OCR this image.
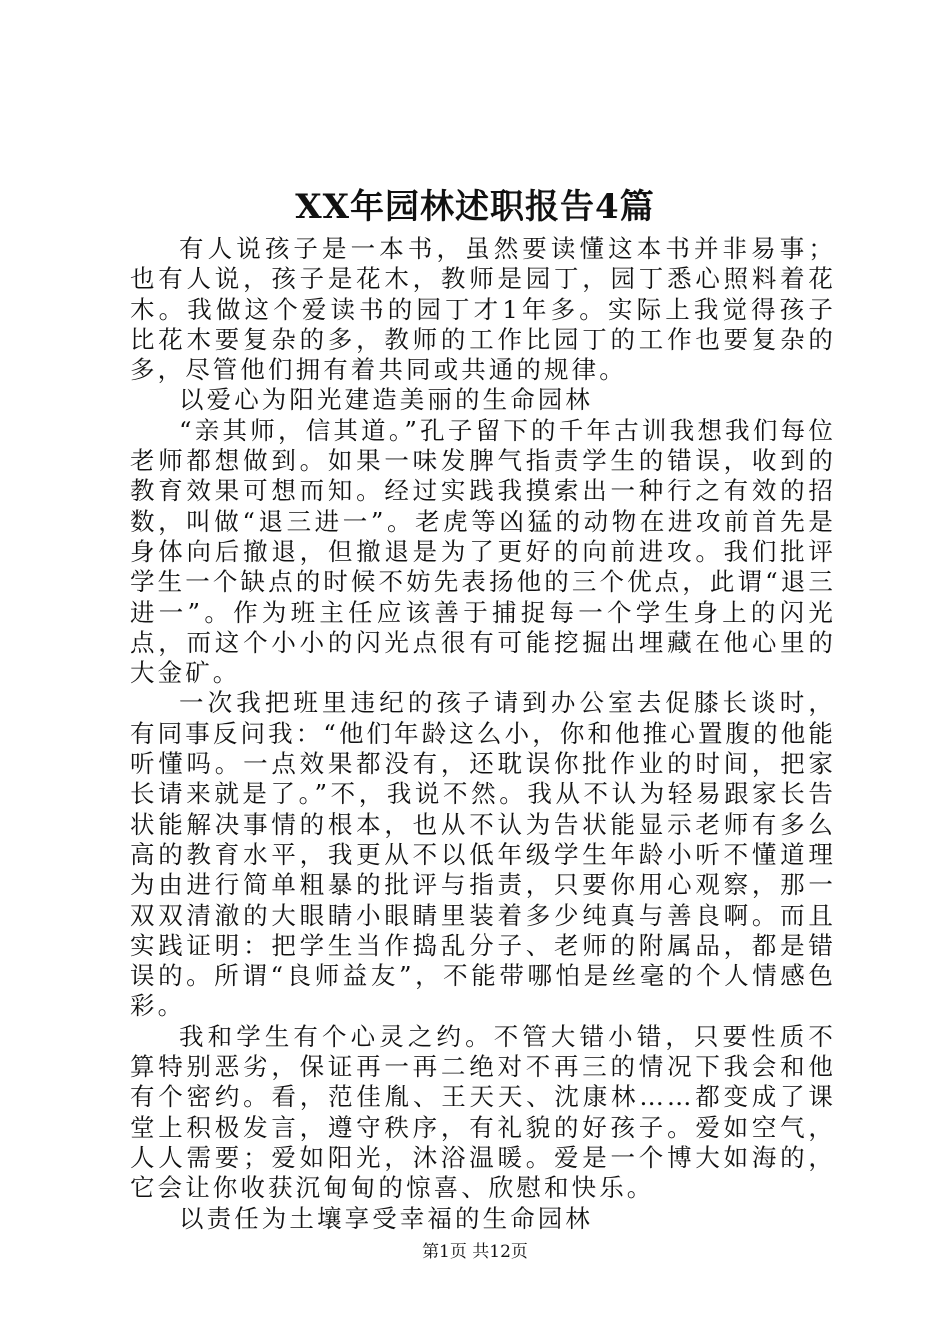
XX年园林述职报告4篇

有人说孩子是一本书，虽然要读懂这本书并非易事；也有人说，孩子是花木，教师是园丁，园丁悉心照料着花木。我做这个爱读书的园丁才1年多。实际上我觉得孩子比花木要复杂的多，教师的工作比园丁的工作也要复杂的多，尽管他们拥有着共同或共通的规律。

以爱心为阳光建造美丽的生命园林

“亲其师，信其道。”孔子留下的千年古训我想我们每位老师都想做到。如果一味发脾气指责学生的错误，收到的教育效果可想而知。经过实践我摸索出一种行之有效的招数，叫做“退三进一”。老虎等凶猛的动物在进攻前首先是身体向后撤退，但撤退是为了更好的向前进攻。我们批评学生一个缺点的时候不妨先表扬他的三个优点，此谓“退三进一”。作为班主任应该善于捕捉每一个学生身上的闪光点，而这个小小的闪光点很有可能挖掘出埋藏在他心里的大金矿。

一次我把班里违纪的孩子请到办公室去促膝长谈时，有同事反问我：“他们年龄这么小，你和他推心置腹的他能听懂吗。一点效果都没有，还耽误你批作业的时间，把家长请来就是了。”不，我说不然。我从不认为轻易跟家长告状能解决事情的根本，也从不认为告状能显示老师有多么高的教育水平，我更从不以低年级学生年龄小听不懂道理为由进行简单粗暴的批评与指责，只要你用心观察，那一双双清澈的大眼睛小眼睛里装着多少纯真与善良啊。而且实践证明：把学生当作捣乱分子、老师的附属品，都是错误的。所谓“良师益友”，不能带哪怕是丝毫的个人情感色彩。

我和学生有个心灵之约。不管大错小错，只要性质不算特别恶劣，保证再一再二绝对不再三的情况下我会和他有个密约。看，范佳胤、王天天、沈康林……都变成了课堂上积极发言，遵守秩序，有礼貌的好孩子。爱如空气，人人需要；爱如阳光，沐浴温暖。爱是一个博大如海的，它会让你收获沉甸甸的惊喜、欣慰和快乐。

以责任为土壤享受幸福的生命园林

第1页 共12页
